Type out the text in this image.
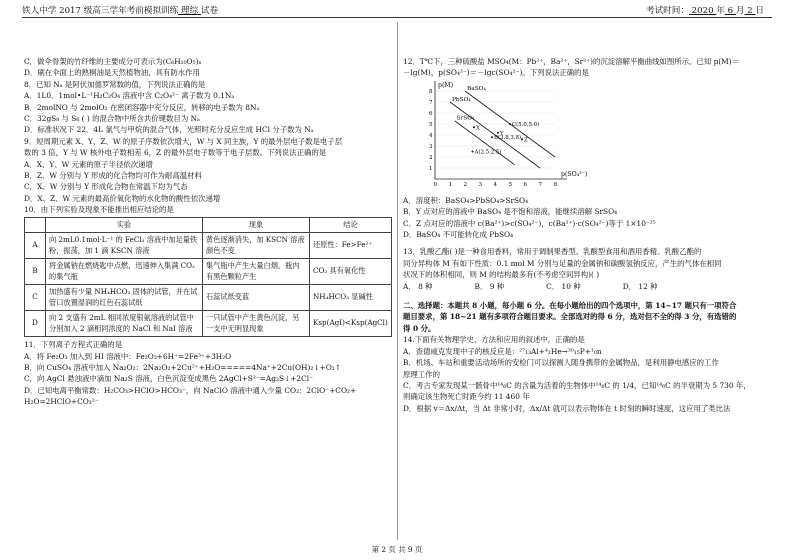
铁人中学 2017 级高三学年考前模拟训练 理综 试卷	考试时间： 2020 年 6 月 2 日
C．做伞骨架的竹纤维的主要成分可表示为(C₆H₁₀O₅)ₙ
D．刷在伞面上的熟桐油是天然植物油，具有防水作用
8．已知 Nₐ 是阿伏加德罗常数的值，下列说法正确的是
A．1L0．1mol•L⁻¹H₂C₂O₄ 溶液中含 C₂O₄²⁻ 离子数为 0.1Nₐ
B．2molNO 与 2molO₂ 在密闭容器中充分反应，转移的电子数为 8Nₐ
C．32gS₈ 与 S₆ ( ) 的混合物中所含共价键数目为 Nₐ
D．标准状况下 22．4L 氯气与甲烷的混合气体，光照时充分反应生成 HCl 分子数为 Nₐ
9．短周期元素 X、Y、Z、W 的原子序数依次增大，W 与 X 同主族，Y 的最外层电子数是电子层
数的 3 倍，Y 与 W 核外电子数相差 6，Z 的最外层电子数等于电子层数。下列说法正确的是
A．X、Y、W 元素的原子半径依次递增
B．Z、W 分别与 Y 形成的化合物均可作为耐高温材料
C．X、W 分别与 Y 形成化合物在常温下均为气态
D．X、Z、W 元素的最高价氧化物的水化物的酸性依次递增
10．由下列实验及现象不能推出相应结论的是
	实验	现象	结论
A	向 2mL0.1mol·L⁻¹ 的 FeCl₃ 溶液中加足量铁粉，振荡，加 1 滴 KSCN 溶液	黄色逐渐消失，加 KSCN 溶液颜色不变	还原性：Fe>Fe²⁺
B	将金属钠在燃烧匙中点燃，迅速伸入集满 CO₂ 的集气瓶	集气瓶中产生大量白烟，瓶内有黑色颗粒产生	CO₂ 具有氧化性
C	加热盛有少量 NH₄HCO₃ 固体的试管，并在试管口放置湿润的红色石蕊试纸	石蕊试纸变蓝	NH₄HCO₃ 显碱性
D	向 2 支盛有 2mL 相同浓度银氨溶液的试管中分别加入 2 滴相同浓度的 NaCl 和 NaI 溶液	一只试管中产生黄色沉淀，另一支中无明显现象	Ksp(AgI)<Ksp(AgCl)
11．下列离子方程式正确的是
A．将 Fe₂O₃ 加入到 HI 溶液中：Fe₂O₃+6H⁺=2Fe³⁺+3H₂O
B．向 CuSO₄ 溶液中加入 Na₂O₂：2Na₂O₂+2Cu²⁺+H₂O=====4Na⁺+2Cu(OH)₂↓+O₂↑
C．向 AgCl 悬浊液中滴加 Na₂S 溶液，白色沉淀变成黑色 2AgCl+S²⁻=Ag₂S↓+2Cl⁻
D．已知电离平衡常数：H₂CO₃>HClO>HCO₃⁻，向 NaClO 溶液中通入少量 CO₂：2ClO⁻+CO₂+
H₂O=2HClO+CO₃²⁻
12．T℃下，三种硫酸盐 MSO₄(M：Pb²⁺，Ba²⁺，Sr²⁺)的沉淀溶解平衡曲线如图所示。已知 p(M)＝
－lg(M)，p(SO₄²⁻)＝－lgc(SO₄²⁻)。下列说法正确的是
p(M)
p(SO₄²⁻)
0 1 2 3 4 5 6 7 8
1
2
3
4
5
6
7
8	BaSO₄
PbSO₄
SrSO₄
X
Y
Z
C(5.0,5.0)
B(3.8,3.8)
A(2.5,2.5)
A．溶度积：BaSO₄>PbSO₄>SrSO₄
B．Y 点对应的溶液中 BaSO₄ 是不饱和溶液，能继续溶解 SrSO₄
C．Z 点对应的溶液中 c(Ba²⁺)>c(SO₄²⁻)，c(Ba²⁺)·c(SO₄²⁻)等于 1×10⁻²⁵
D．BaSO₄ 不可能转化成 PbSO₄
13．乳酸乙酯( )是一种食用香料，常用于调制果香型、乳酸型食用和酒用香精。乳酸乙酯的
同分异构体 M 有如下性质：0.1 mol M 分别与足量的金属钠和碳酸氢钠反应，产生的气体在相同
状况下的体积相同，则 M 的结构最多有(不考虑空间异构)( )
A． 8 种	B． 9 种	C． 10 种	D． 12 种
二、选择题：本题共 8 小题，每小题 6 分。在每小题给出的四个选项中，第 14~17 题只有一项符合
题目要求，第 18~21 题有多项符合题目要求。全部选对的得 6 分，选对但不全的得 3 分，有选错的
得 0 分。
14.下面有关物理学史、方法和应用的叙述中，正确的是
A．查德威克发现中子的核反应是：²⁷₁₃Al+⁴₂He→³⁰₁₅P+¹₀n
B．机场、车站和重要活动场所的安检门可以探测人随身携带的金属物品，是利用静电感应的工作
原理工作的
C．考古专家发现某一骸骨中¹⁴₆C 的含量为活着的生物体中¹⁴₆C 的 1/4，已知¹⁴₆C 的半衰期为 5 730 年，
则确定该生物死亡时距今约 11 460 年
D．根据 v＝Δx/Δt，当 Δt 非常小时，Δx/Δt 就可以表示物体在 t 时刻的瞬时速度，这应用了类比法
第 2 页 共 9 页
